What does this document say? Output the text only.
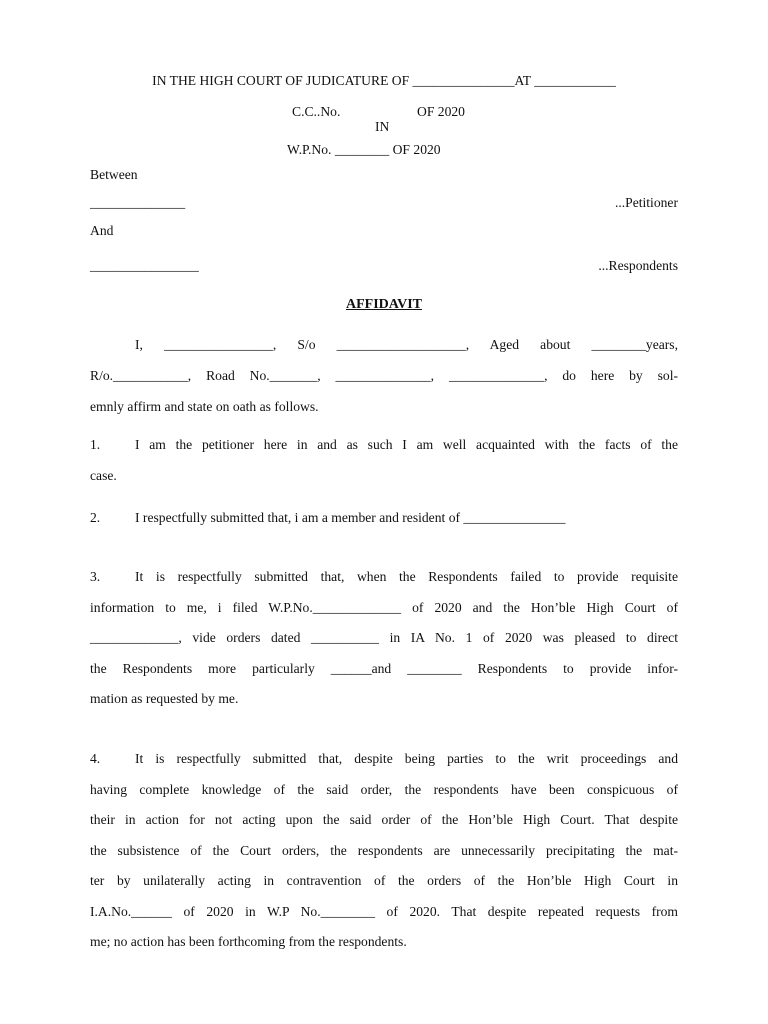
IN THE HIGH COURT OF JUDICATURE OF _______________AT ____________
C.C..No.	OF 2020
IN
W.P.No. ________ OF 2020
Between
______________	...Petitioner
And
________________	...Respondents
AFFIDAVIT
I, ________________, S/o ___________________, Aged about ________years,
R/o.___________, Road No._______, ______________, ______________, do here by sol-
emnly affirm and state on oath as follows.
1.	I am the petitioner here in and as such I am well acquainted with the facts of the
case.
2.	I respectfully submitted that, i am a member and resident of _______________
3.	It is respectfully submitted that, when the Respondents failed to provide requisite
information to me, i filed W.P.No._____________ of 2020 and the Hon’ble High Court of
_____________, vide orders dated __________ in IA No. 1 of 2020 was pleased to direct
the Respondents more particularly ______and ________ Respondents to provide infor-
mation as requested by me.
4.	It is respectfully submitted that, despite being parties to the writ proceedings and
having complete knowledge of the said order, the respondents have been conspicuous of
their in action for not acting upon the said order of the Hon’ble High Court. That despite
the subsistence of the Court orders, the respondents are unnecessarily precipitating the mat-
ter by unilaterally acting in contravention of the orders of the Hon’ble High Court in
I.A.No.______ of 2020 in W.P No.________ of 2020. That despite repeated requests from
me; no action has been forthcoming from the respondents.
